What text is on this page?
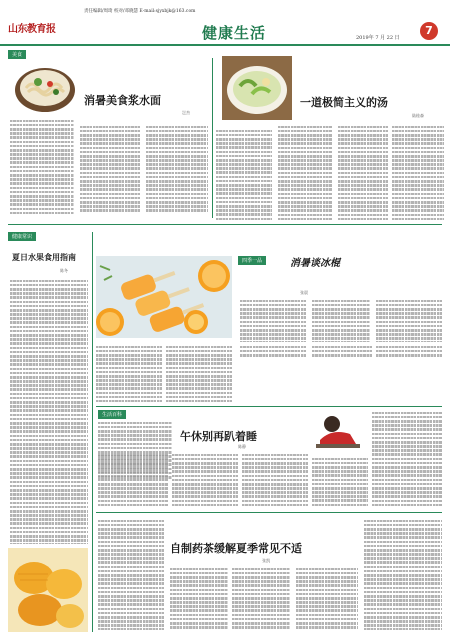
山东教育报
责任编辑/周琦 校对/邓晓慧 E-mail:sjyxbjk@163.com
健康生活	2019年 7 月 22 日
7
美食
消暑美食浆水面
岂杰
一道极简主义的汤
陆桂森
健康常识
夏日水果食用指南
陈冬
四季一品	消暑谈冰棍
张晨
生活百科
午休别再趴着睡
陈静
自制药茶缓解夏季常见不适
张凯
